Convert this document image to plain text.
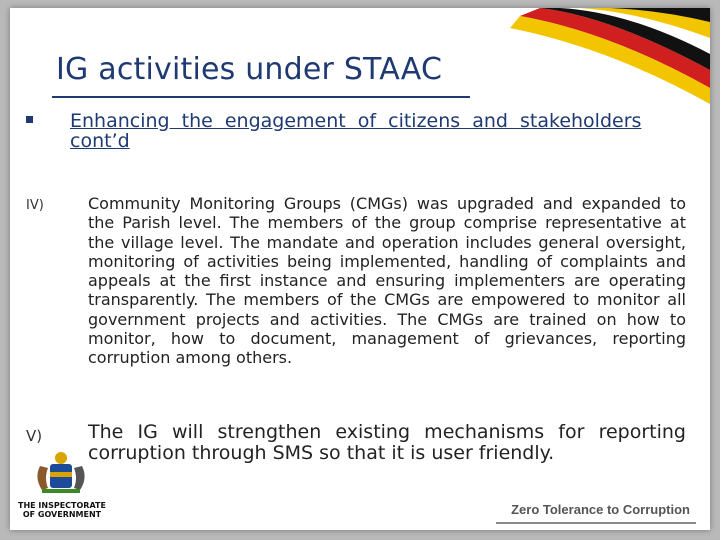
IG activities under STAAC
Enhancing the engagement of citizens and stakeholders cont’d
IV)	Community Monitoring Groups (CMGs) was upgraded and expanded to the Parish level. The members of the group comprise representative at the village level. The mandate and operation includes general oversight, monitoring of activities being implemented, handling of complaints and appeals at the first instance and ensuring implementers are operating transparently. The members of the CMGs are empowered to monitor all government projects and activities. The CMGs are trained on how to monitor, how to document, management of grievances, reporting corruption among others.
V) The IG will strengthen existing mechanisms for reporting corruption through SMS so that it is user friendly.
THE INSPECTORATE OF GOVERNMENT	Zero Tolerance to Corruption
